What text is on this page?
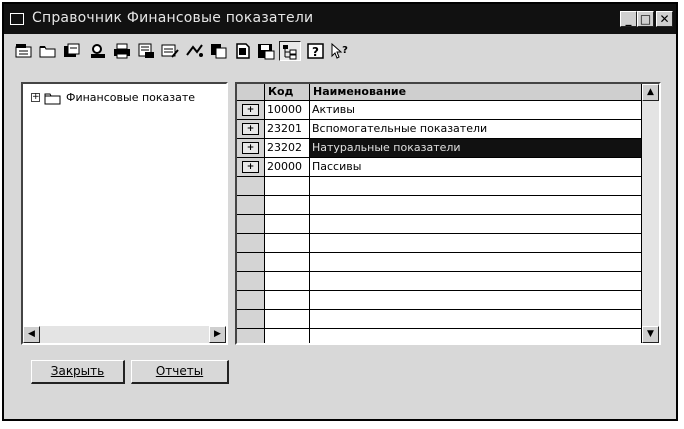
Справочник Финансовые показатели	_ □ ✕
? ?
+ Финансовые показате
◀	▶
Код	Наименование
+	10000 Активы
+	23201 Вспомогательные показатели
+	23202 Натуральные показатели
+	20000 Пассивы
▲
▼
Закрыть	Отчеты
